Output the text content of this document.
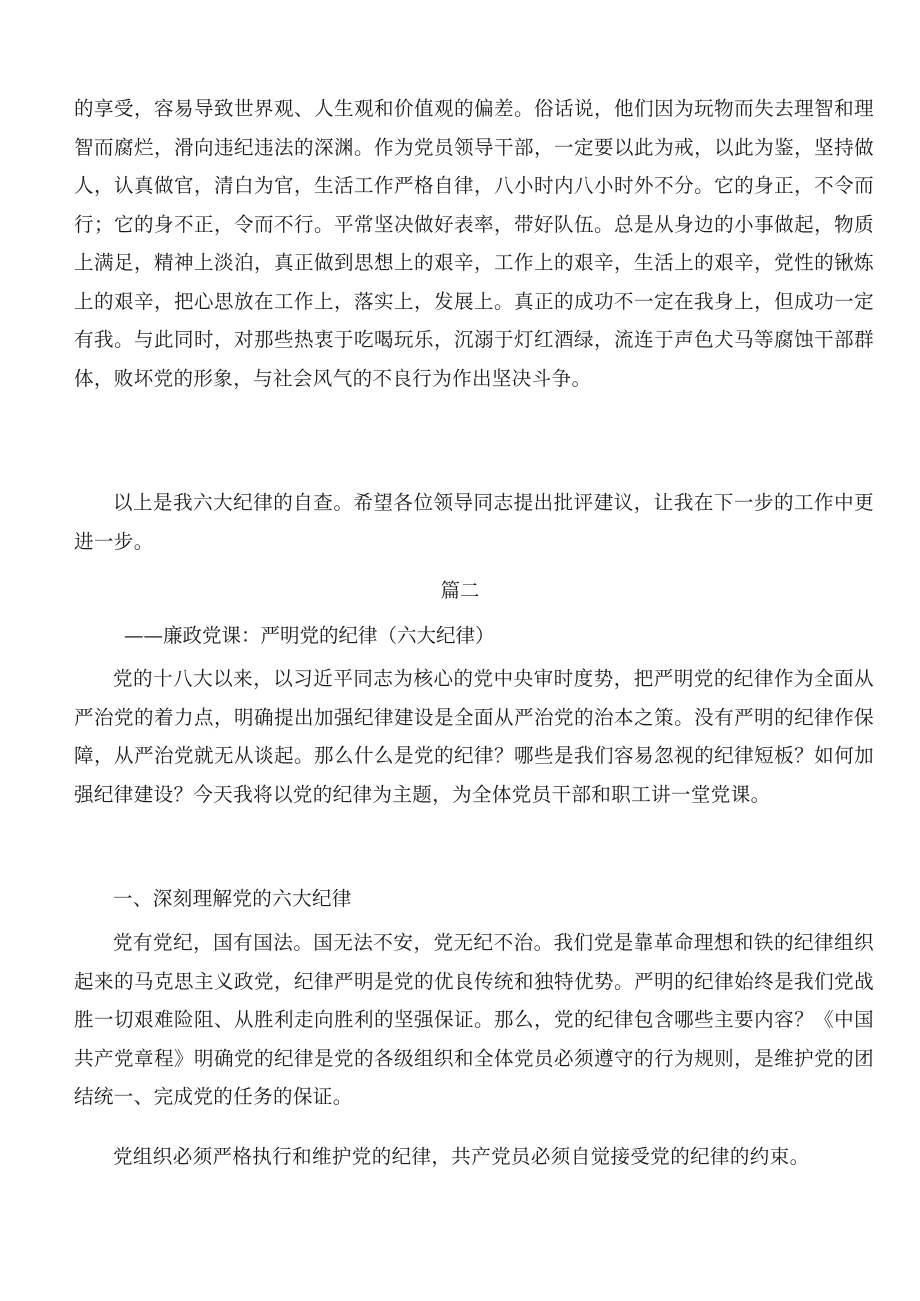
的享受，容易导致世界观、人生观和价值观的偏差。俗话说，他们因为玩物而失去理智和理智而腐烂，滑向违纪违法的深渊。作为党员领导干部，一定要以此为戒，以此为鉴，坚持做人，认真做官，清白为官，生活工作严格自律，八小时内八小时外不分。它的身正，不令而行；它的身不正，令而不行。平常坚决做好表率，带好队伍。总是从身边的小事做起，物质上满足，精神上淡泊，真正做到思想上的艰辛，工作上的艰辛，生活上的艰辛，党性的锹炼上的艰辛，把心思放在工作上，落实上，发展上。真正的成功不一定在我身上，但成功一定有我。与此同时，对那些热衷于吃喝玩乐，沉溺于灯红酒绿，流连于声色犬马等腐蚀干部群体，败坏党的形象，与社会风气的不良行为作出坚决斗争。

以上是我六大纪律的自查。希望各位领导同志提出批评建议，让我在下一步的工作中更进一步。

篇二

——廉政党课：严明党的纪律（六大纪律）

党的十八大以来，以习近平同志为核心的党中央审时度势，把严明党的纪律作为全面从严治党的着力点，明确提出加强纪律建设是全面从严治党的治本之策。没有严明的纪律作保障，从严治党就无从谈起。那么什么是党的纪律？哪些是我们容易忽视的纪律短板？如何加强纪律建设？今天我将以党的纪律为主题，为全体党员干部和职工讲一堂党课。

一、深刻理解党的六大纪律

党有党纪，国有国法。国无法不安，党无纪不治。我们党是靠革命理想和铁的纪律组织起来的马克思主义政党，纪律严明是党的优良传统和独特优势。严明的纪律始终是我们党战胜一切艰难险阻、从胜利走向胜利的坚强保证。那么，党的纪律包含哪些主要内容？《中国共产党章程》明确党的纪律是党的各级组织和全体党员必须遵守的行为规则，是维护党的团结统一、完成党的任务的保证。

党组织必须严格执行和维护党的纪律，共产党员必须自觉接受党的纪律的约束。
